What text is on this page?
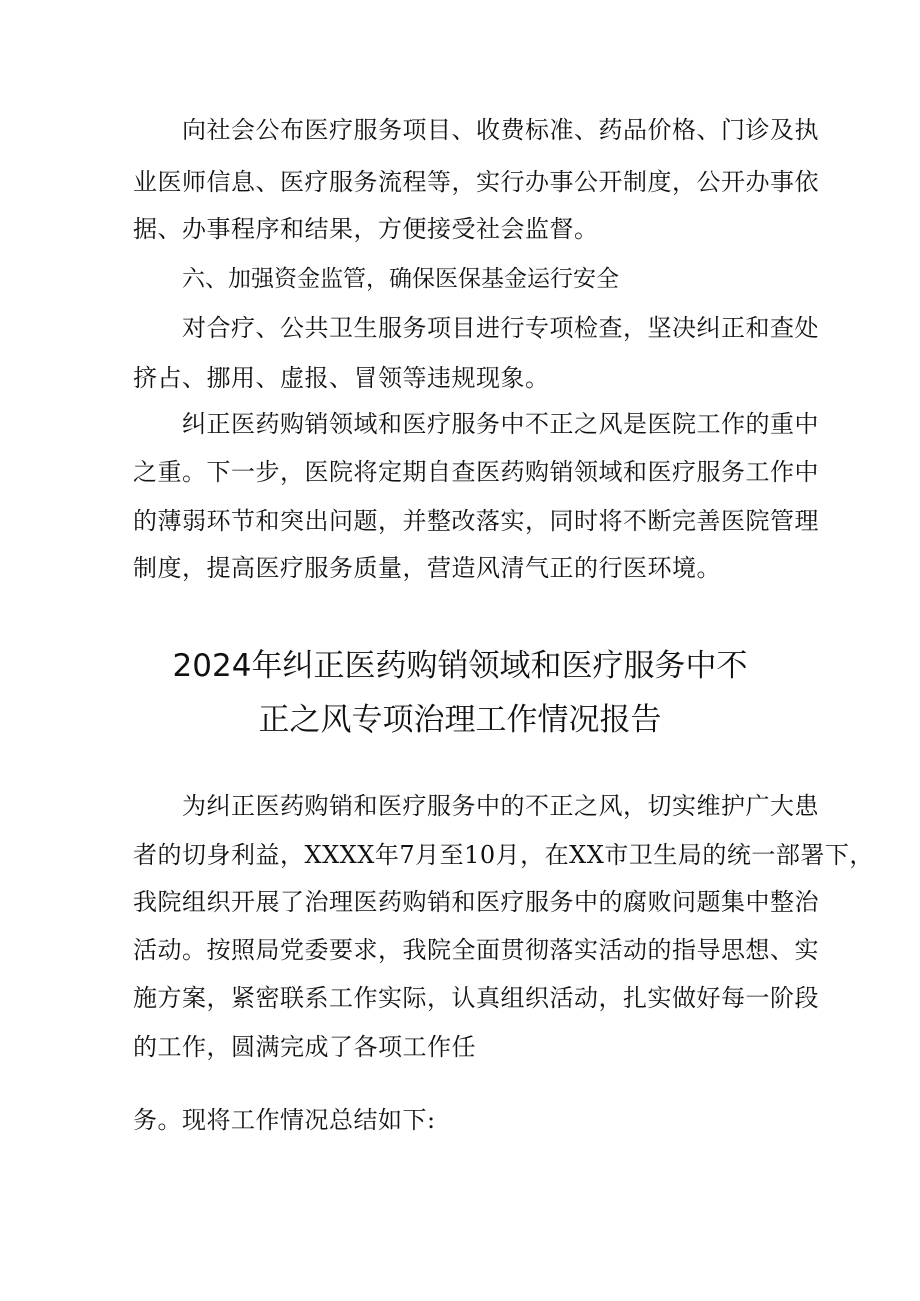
向社会公布医疗服务项目、收费标准、药品价格、门诊及执
业医师信息、医疗服务流程等，实行办事公开制度，公开办事依
据、办事程序和结果，方便接受社会监督。
六、加强资金监管，确保医保基金运行安全
对合疗、公共卫生服务项目进行专项检查，坚决纠正和查处
挤占、挪用、虚报、冒领等违规现象。
纠正医药购销领域和医疗服务中不正之风是医院工作的重中
之重。下一步，医院将定期自查医药购销领域和医疗服务工作中
的薄弱环节和突出问题，并整改落实，同时将不断完善医院管理
制度，提高医疗服务质量，营造风清气正的行医环境。
2024年纠正医药购销领域和医疗服务中不
正之风专项治理工作情况报告
为纠正医药购销和医疗服务中的不正之风，切实维护广大患
者的切身利益，XXXX年7月至10月，在XX市卫生局的统一部署下，
我院组织开展了治理医药购销和医疗服务中的腐败问题集中整治
活动。按照局党委要求，我院全面贯彻落实活动的指导思想、实
施方案，紧密联系工作实际，认真组织活动，扎实做好每一阶段
的工作，圆满完成了各项工作任
务。现将工作情况总结如下:
